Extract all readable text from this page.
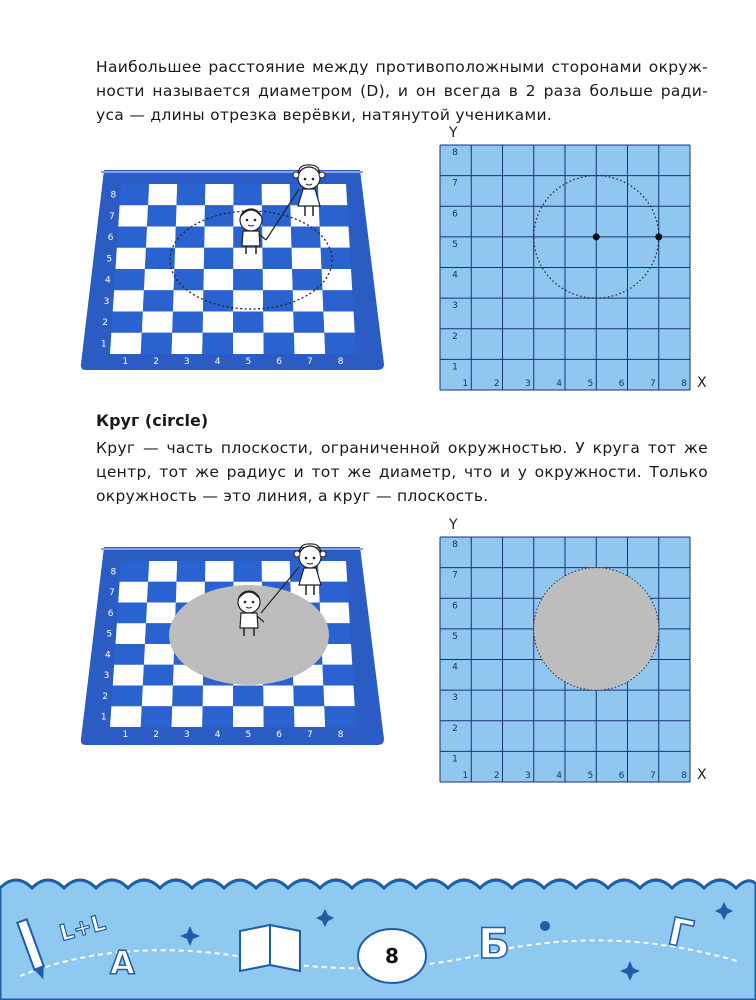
Наибольшее расстояние между противоположными сторонами окруж-
ности называется диаметром (D), и он всегда в 2 раза больше ради-
уса — длины отрезка верёвки, натянутой учениками.

Круг (circle)

Круг — часть плоскости, ограниченной окружностью. У круга тот же
центр, тот же радиус и тот же диаметр, что и у окружности. Только
окружность — это линия, а круг — плоскость.

8
7
6
5
4
3
2
1
1	2	3	4	5	6	7	8
8
7
6
5
4
3
2
1
1	2	3	4	5	6	7	8
1	2	3	4	5	6	7	8
8
7
6
5
4
3
2
1
Y
X
1	2	3	4	5	6	7	8
8
7
6
5
4
3
2
1
Y
X
L+L
А	8 Б	Г
